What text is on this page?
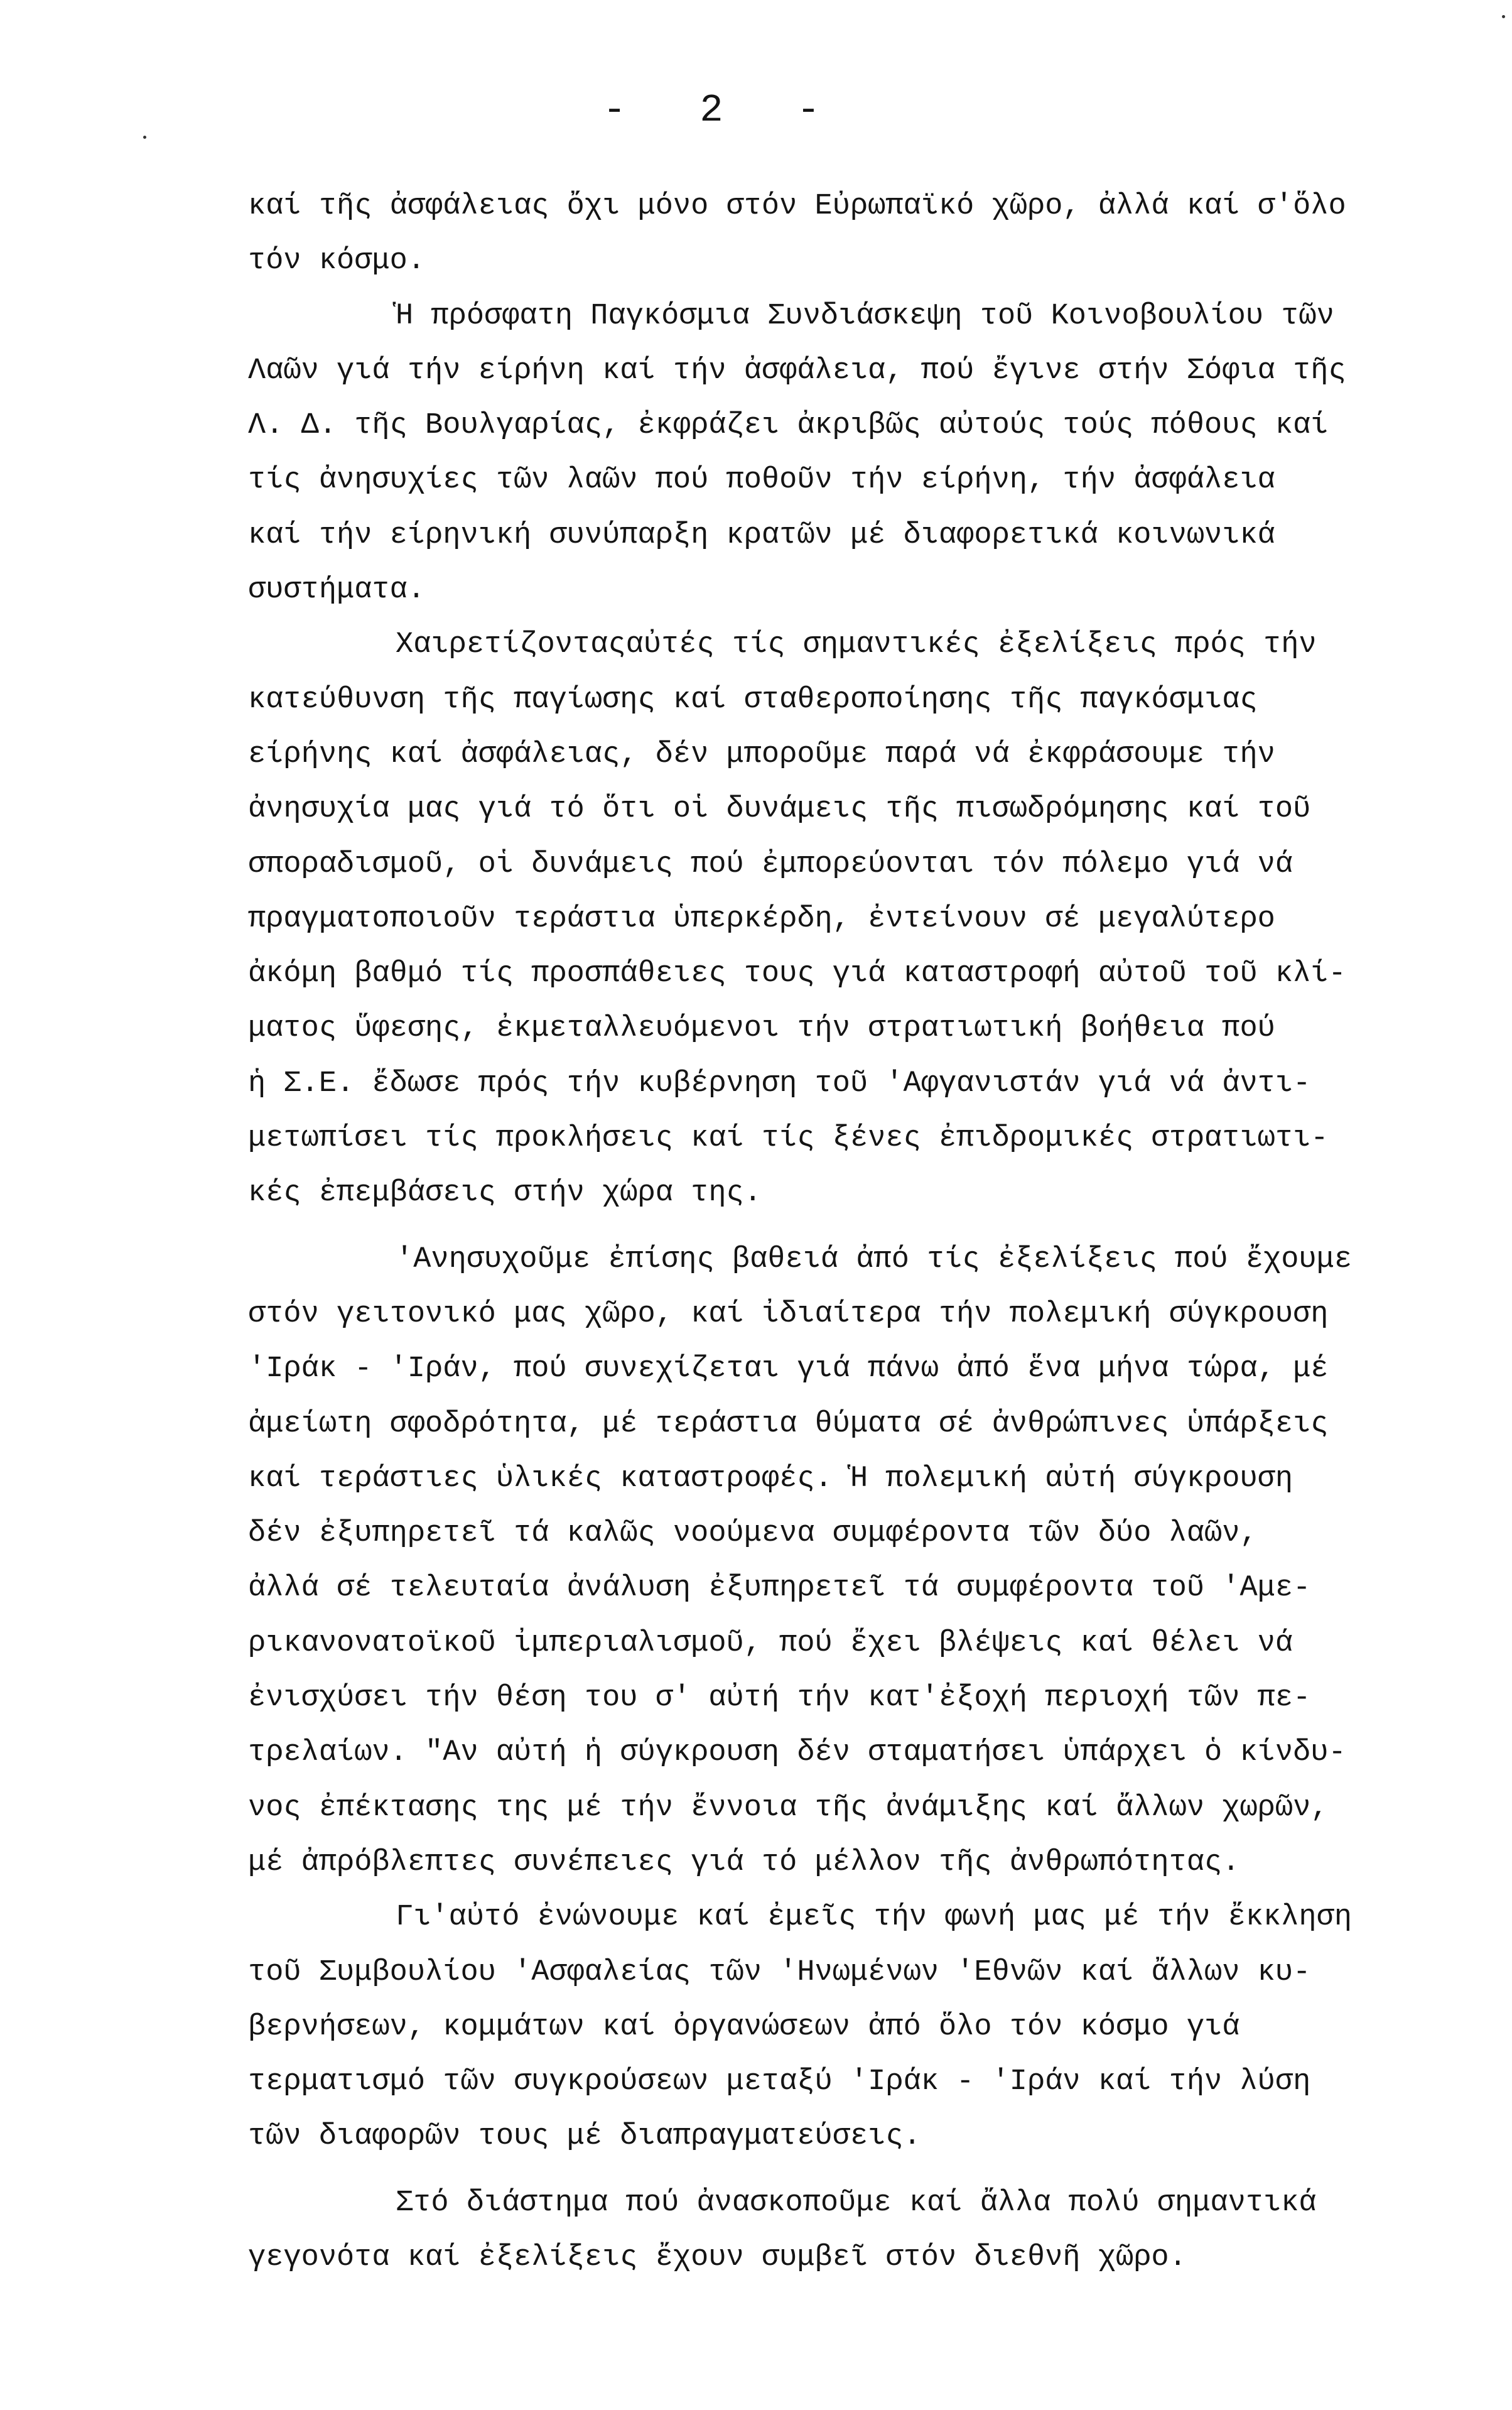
- 2 -
καί τῆς ἀσφάλειας ὄχι μόνο στόν Εὐρωπαϊκό χῶρο, ἀλλά καί σ'ὅλο
τόν κόσμο.
Ἡ πρόσφατη Παγκόσμια Συνδιάσκεψη τοῦ Κοινοβουλίου τῶν
Λαῶν γιά τήν είρήνη καί τήν ἀσφάλεια, πού ἔγινε στήν Σόφια τῆς
Λ. Δ. τῆς Βουλγαρίας, ἐκφράζει ἀκριβῶς αὐτούς τούς πόθους καί
τίς ἀνησυχίες τῶν λαῶν πού ποθοῦν τήν είρήνη, τήν ἀσφάλεια
καί τήν είρηνική συνύπαρξη κρατῶν μέ διαφορετικά κοινωνικά
συστήματα.
Χαιρετίζονταςαὐτές τίς σημαντικές ἐξελίξεις πρός τήν
κατεύθυνση τῆς παγίωσης καί σταθεροποίησης τῆς παγκόσμιας
είρήνης καί ἀσφάλειας, δέν μποροῦμε παρά νά ἐκφράσουμε τήν
ἀνησυχία μας γιά τό ὅτι οἱ δυνάμεις τῆς πισωδρόμησης καί τοῦ
σποραδισμοῦ, οἱ δυνάμεις πού ἐμπορεύονται τόν πόλεμο γιά νά
πραγματοποιοῦν τεράστια ὑπερκέρδη, ἐντείνουν σέ μεγαλύτερο
ἀκόμη βαθμό τίς προσπάθειες τους γιά καταστροφή αὐτοῦ τοῦ κλί-
ματος ὕφεσης, ἐκμεταλλευόμενοι τήν στρατιωτική βοήθεια πού
ἡ Σ.Ε. ἔδωσε πρός τήν κυβέρνηση τοῦ 'Αφγανιστάν γιά νά ἀντι-
μετωπίσει τίς προκλήσεις καί τίς ξένες ἐπιδρομικές στρατιωτι-
κές ἐπεμβάσεις στήν χώρα της.
'Ανησυχοῦμε ἐπίσης βαθειά ἀπό τίς ἐξελίξεις πού ἔχουμε
στόν γειτονικό μας χῶρο, καί ἰδιαίτερα τήν πολεμική σύγκρουση
'Ιράκ - 'Ιράν, πού συνεχίζεται γιά πάνω ἀπό ἕνα μήνα τώρα, μέ
ἀμείωτη σφοδρότητα, μέ τεράστια θύματα σέ ἀνθρώπινες ὑπάρξεις
καί τεράστιες ὑλικές καταστροφές. Ἡ πολεμική αὐτή σύγκρουση
δέν ἐξυπηρετεῖ τά καλῶς νοούμενα συμφέροντα τῶν δύο λαῶν,
ἀλλά σέ τελευταία ἀνάλυση ἐξυπηρετεῖ τά συμφέροντα τοῦ 'Αμε-
ρικανονατοϊκοῦ ἰμπεριαλισμοῦ, πού ἔχει βλέψεις καί θέλει νά
ἐνισχύσει τήν θέση του σ' αὐτή τήν κατ'ἐξοχή περιοχή τῶν πε-
τρελαίων. "Αν αὐτή ἡ σύγκρουση δέν σταματήσει ὑπάρχει ὁ κίνδυ-
νος ἐπέκτασης της μέ τήν ἔννοια τῆς ἀνάμιξης καί ἄλλων χωρῶν,
μέ ἀπρόβλεπτες συνέπειες γιά τό μέλλον τῆς ἀνθρωπότητας.
Γι'αὐτό ἐνώνουμε καί ἐμεῖς τήν φωνή μας μέ τήν ἔκκληση
τοῦ Συμβουλίου 'Ασφαλείας τῶν 'Ηνωμένων 'Εθνῶν καί ἄλλων κυ-
βερνήσεων, κομμάτων καί ὀργανώσεων ἀπό ὅλο τόν κόσμο γιά
τερματισμό τῶν συγκρούσεων μεταξύ 'Ιράκ - 'Ιράν καί τήν λύση
τῶν διαφορῶν τους μέ διαπραγματεύσεις.
Στό διάστημα πού ἀνασκοποῦμε καί ἄλλα πολύ σημαντικά
γεγονότα καί ἐξελίξεις ἔχουν συμβεῖ στόν διεθνῆ χῶρο.
